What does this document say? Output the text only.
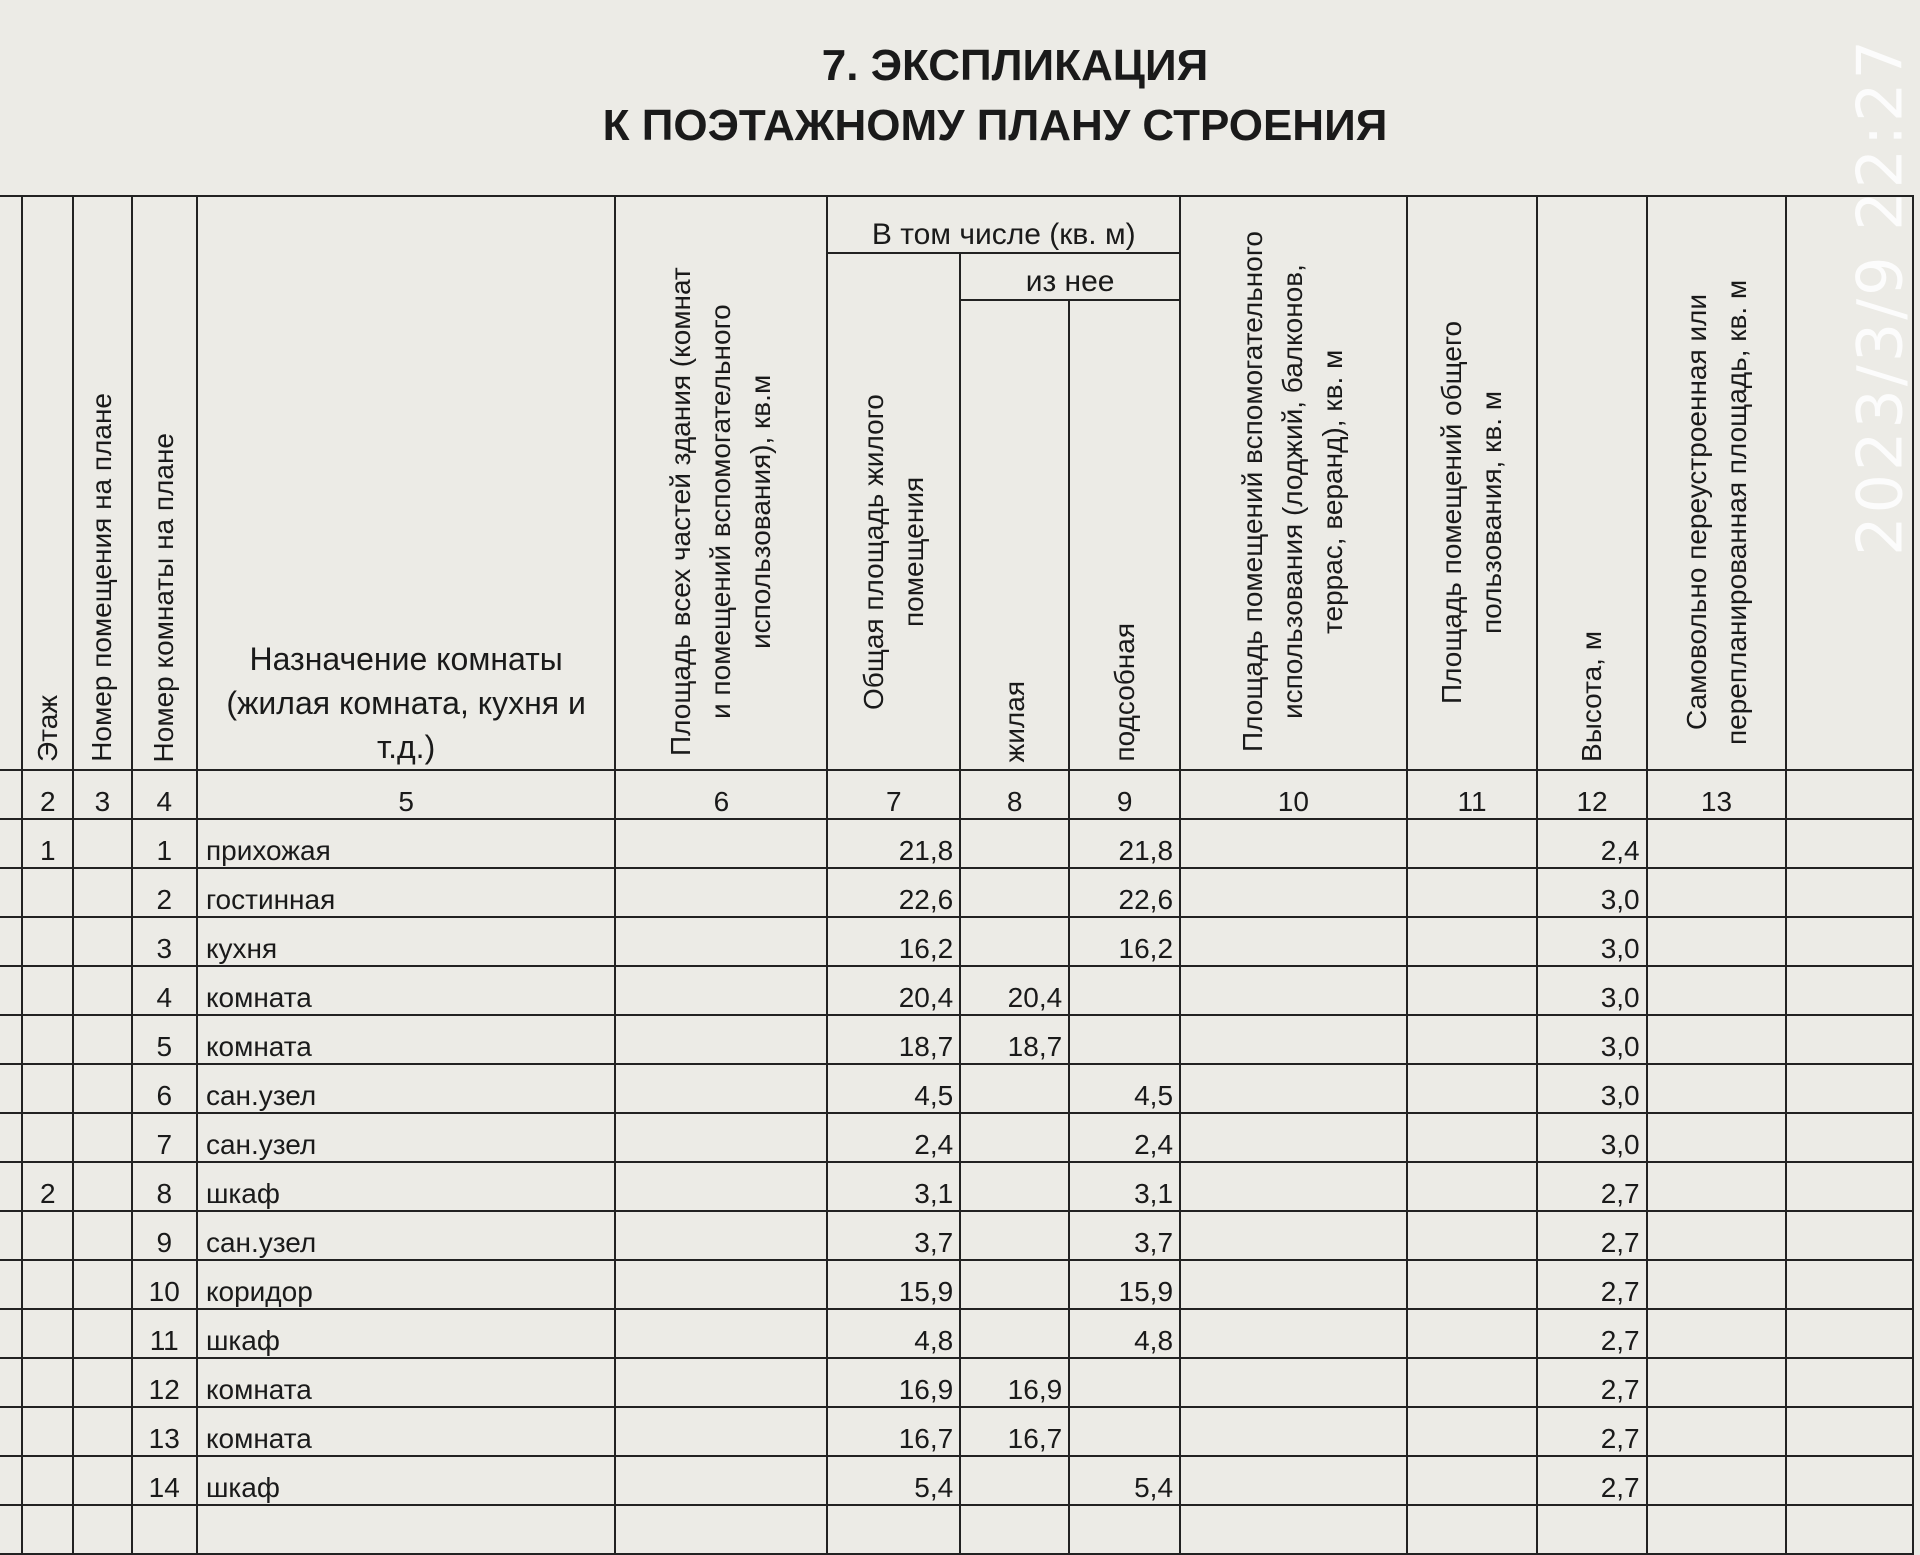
7. ЭКСПЛИКАЦИЯ
К ПОЭТАЖНОМУ ПЛАНУ СТРОЕНИЯ
	Этаж	Номер помещения на плане	Номер комнаты на плане	Назначение комнаты (жилая комната, кухня и т.д.)	Площадь всех частей здания (комнат и помещений вспомогательного использования), кв.м	В том числе (кв. м)			Площадь помещений вспомогательного использования (лоджий, балконов, террас, веранд), кв. м	Площадь помещений общего пользования, кв. м	Высота, м	Самовольно переустроенная или перепланированная площадь, кв. м	
						Общая площадь жилого помещения	из нее						
							жилая	подсобная					
	2	3	4	5	6	7	8	9	10	11	12	13	
	1		1	прихожая		21,8		21,8			2,4		
			2	гостинная		22,6		22,6			3,0		
			3	кухня		16,2		16,2			3,0		
			4	комната		20,4	20,4				3,0		
			5	комната		18,7	18,7				3,0		
			6	сан.узел		4,5		4,5			3,0		
			7	сан.узел		2,4		2,4			3,0		
	2		8	шкаф		3,1		3,1			2,7		
			9	сан.узел		3,7		3,7			2,7		
			10	коридор		15,9		15,9			2,7		
			11	шкаф		4,8		4,8			2,7		
			12	комната		16,9	16,9				2,7		
			13	комната		16,7	16,7				2,7		
			14	шкаф		5,4		5,4			2,7		

2023/3/9 22:27
